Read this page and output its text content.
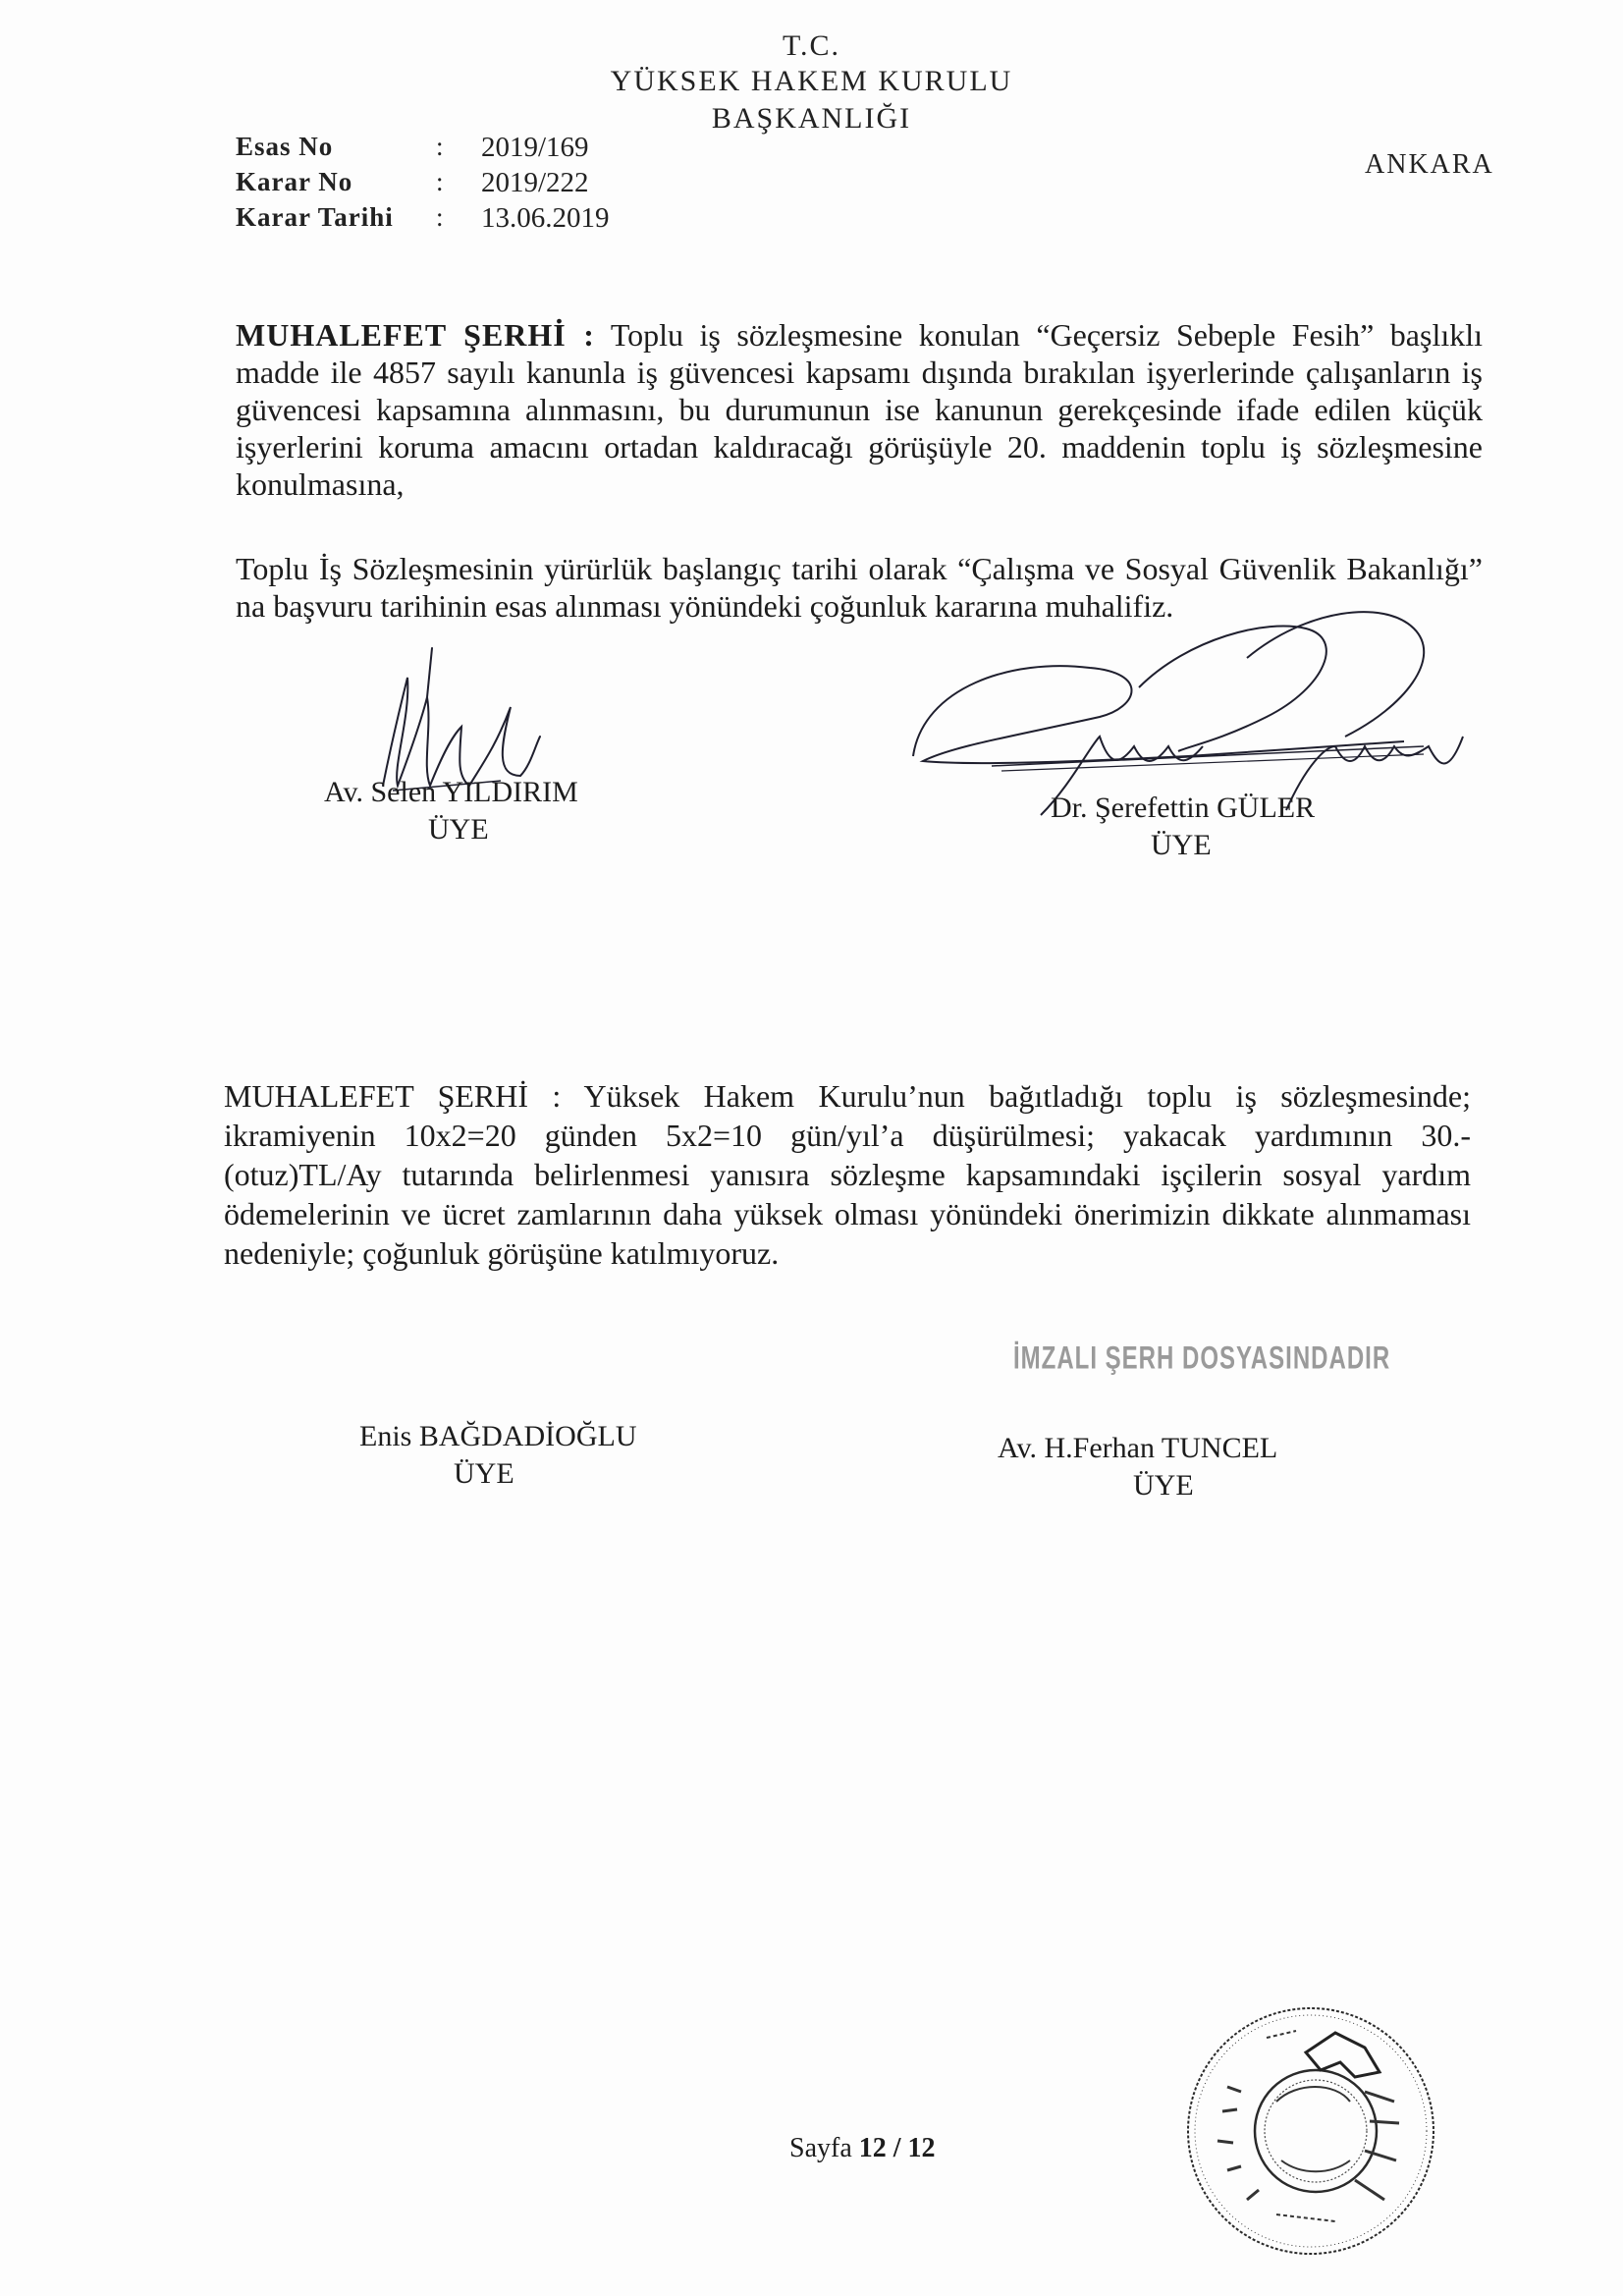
T.C.
YÜKSEK HAKEM KURULU
BAŞKANLIĞI
Esas No	: 2019/169
Karar No	: 2019/222
Karar Tarihi : 13.06.2019
ANKARA
MUHALEFET ŞERHİ : Toplu iş sözleşmesine konulan “Geçersiz Sebeple Fesih” başlıklı madde ile 4857 sayılı kanunla iş güvencesi kapsamı dışında bırakılan işyerlerinde çalışanların iş güvencesi kapsamına alınmasını, bu durumunun ise kanunun gerekçesinde ifade edilen küçük işyerlerini koruma amacını ortadan kaldıracağı görüşüyle 20. maddenin toplu iş sözleşmesine konulmasına,
Toplu İş Sözleşmesinin yürürlük başlangıç tarihi olarak “Çalışma ve Sosyal Güvenlik Bakanlığı” na başvuru tarihinin esas alınması yönündeki çoğunluk kararına muhalifiz.
Av. Selen YILDIRIM
ÜYE
Dr. Şerefettin GÜLER
ÜYE
MUHALEFET ŞERHİ : Yüksek Hakem Kurulu’nun bağıtladığı toplu iş sözleşmesinde; ikramiyenin 10x2=20 günden 5x2=10 gün/yıl’a düşürülmesi; yakacak yardımının 30.- (otuz)TL/Ay tutarında belirlenmesi yanısıra sözleşme kapsamındaki işçilerin sosyal yardım ödemelerinin ve ücret zamlarının daha yüksek olması yönündeki önerimizin dikkate alınmaması nedeniyle; çoğunluk görüşüne katılmıyoruz.
İMZALI ŞERH DOSYASINDADIR
Enis BAĞDADİOĞLU
ÜYE
Av. H.Ferhan TUNCEL
ÜYE
Sayfa 12 / 12
